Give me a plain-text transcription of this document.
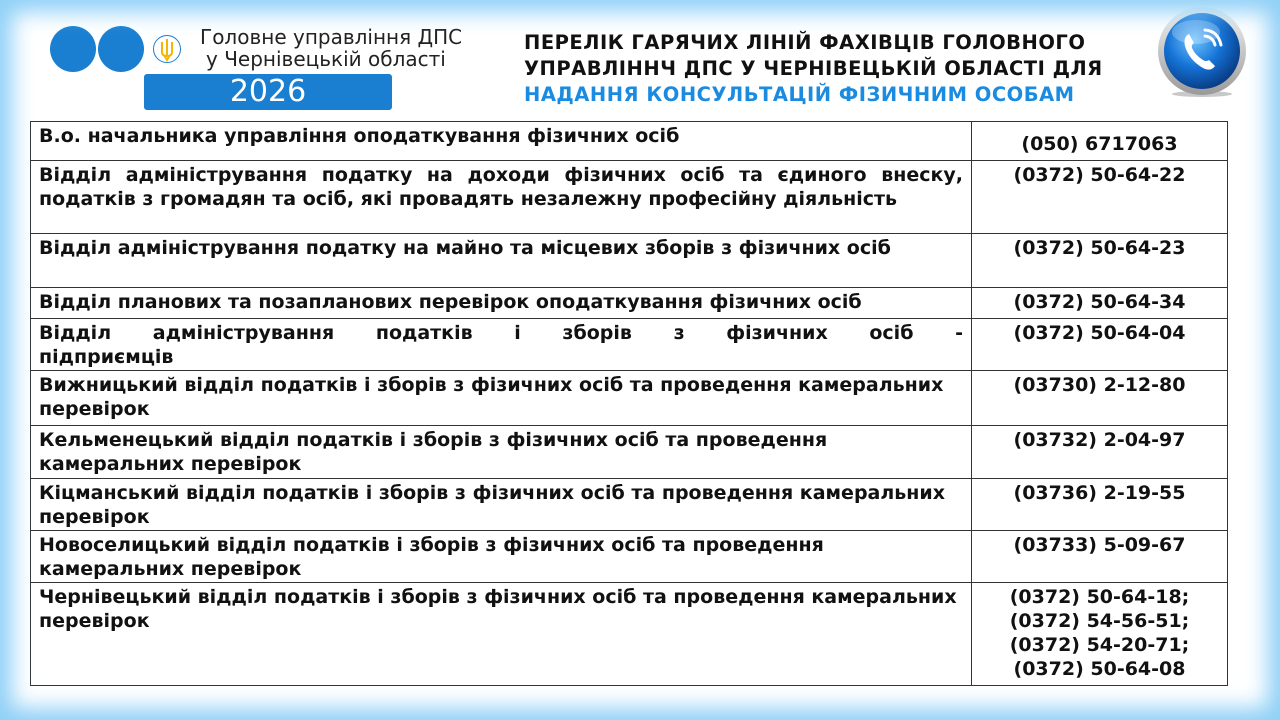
Головне управління ДПС
у Чернівецькій області
2026
ПЕРЕЛІК ГАРЯЧИХ ЛІНІЙ ФАХІВЦІВ ГОЛОВНОГО
УПРАВЛІННЧ ДПС У ЧЕРНІВЕЦЬКІЙ ОБЛАСТІ ДЛЯ
НАДАННЯ КОНСУЛЬТАЦІЙ ФІЗИЧНИМ ОСОБАМ
В.о. начальника управління оподаткування фізичних осіб	(050) 6717063

Відділ адміністрування податку на доходи фізичних осіб та єдиного внеску, податків з громадян та осіб, які провадять незалежну професійну діяльність	(0372) 50-64-22

Відділ адміністрування податку на майно та місцевих зборів з фізичних осіб	(0372) 50-64-23

Відділ планових та позапланових перевірок оподаткування фізичних осіб	(0372) 50-64-34

Відділ адміністрування податків і зборів з фізичних осіб - підприємців	(0372) 50-64-04

Вижницький відділ податків і зборів з фізичних осіб та проведення камеральних перевірок	(03730) 2-12-80

Кельменецький відділ податків і зборів з фізичних осіб та проведення камеральних перевірок	(03732) 2-04-97

Кіцманський відділ податків і зборів з фізичних осіб та проведення камеральних перевірок	(03736) 2-19-55

Новоселицький відділ податків і зборів з фізичних осіб та проведення камеральних перевірок	(03733) 5-09-67

Чернівецький відділ податків і зборів з фізичних осіб та проведення камеральних перевірок	(0372) 50-64-18;
(0372) 54-56-51;
(0372) 54-20-71;
(0372) 50-64-08
